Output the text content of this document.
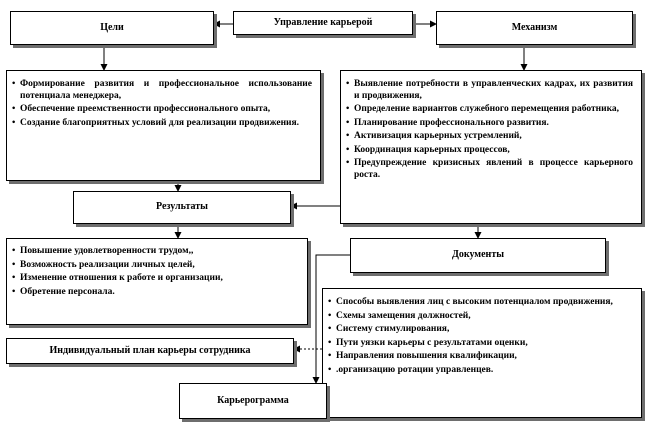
Цели	Управление карьерой	Механизм
• Формирование развития и профессиональное использование потенциала менеджера,
• Обеспечение преемственности профессионального опыта,
• Создание благоприятных условий для реализации продвижения.
• Выявление потребности в управленческих кадрах, их развития и продвижения,
• Определение вариантов служебного перемещения работника,
• Планирование профессионального развития.
• Активизация карьерных устремлений,
• Координация карьерных процессов,
• Предупреждение кризисных явлений в процессе карьерного роста.
Результаты
• Повышение удовлетворенности трудом,,
• Возможность реализации личных целей,
• Изменение отношения к работе и организации,
• Обретение персонала.
Документы
• Способы выявления лиц с высоким потенциалом продвижения,
• Схемы замещения должностей,
• Систему стимулирования,
• Пути уязки карьеры с результатами оценки,
• Направления повышения квалификации,
• .организацию ротации управленцев.
Индивидуальный план карьеры сотрудника
Карьерограмма
